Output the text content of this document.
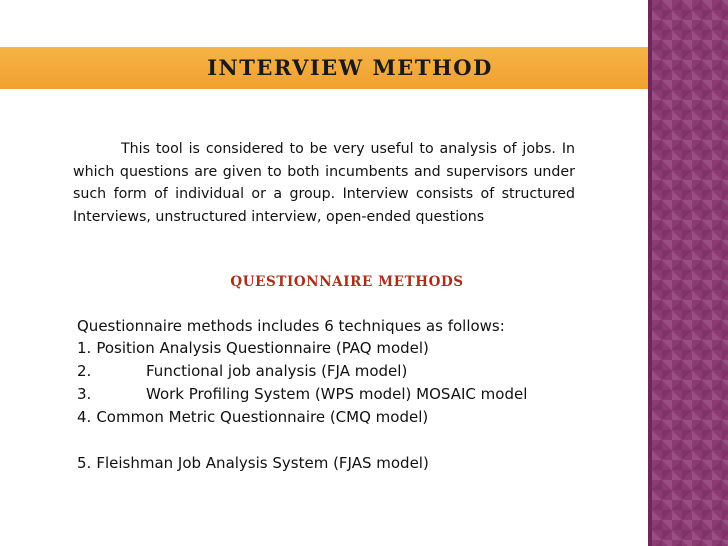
INTERVIEW METHOD

This tool is considered to be very useful to analysis of jobs. In which questions are given to both incumbents and supervisors under such form of individual or a group. Interview consists of structured Interviews, unstructured interview, open-ended questions

QUESTIONNAIRE METHODS

Questionnaire methods includes 6 techniques as follows:

1. Position Analysis Questionnaire (PAQ model)
2.	Functional job analysis (FJA model)
3.	Work Profiling System (WPS model) MOSAIC model
4. Common Metric Questionnaire (CMQ model)
5. Fleishman Job Analysis System (FJAS model)
